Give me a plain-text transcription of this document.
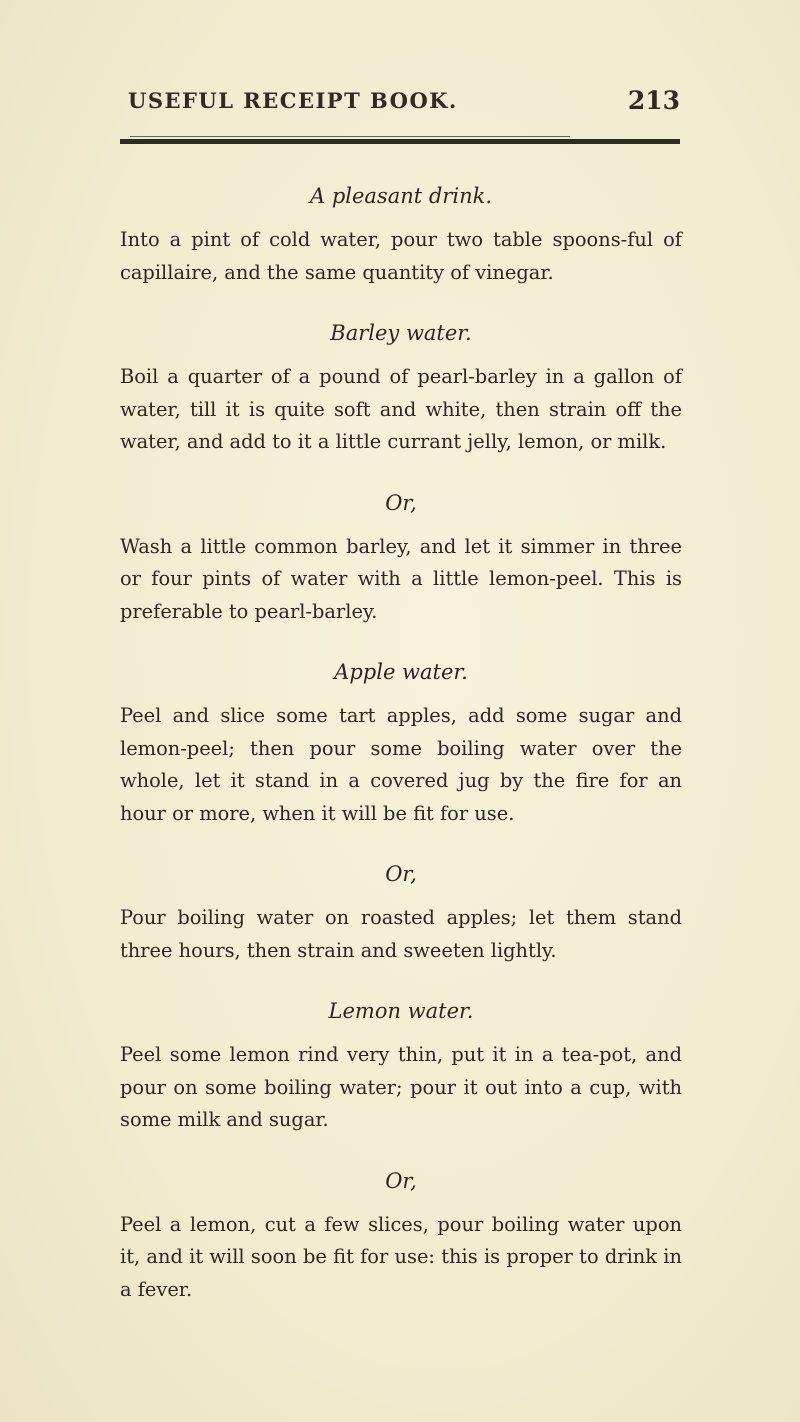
USEFUL RECEIPT BOOK.	213

A pleasant drink.

Into a pint of cold water, pour two table spoons-ful of capillaire, and the same quantity of vinegar.

Barley water.

Boil a quarter of a pound of pearl-barley in a gallon of water, till it is quite soft and white, then strain off the water, and add to it a little currant jelly, lemon, or milk.

Or,

Wash a little common barley, and let it simmer in three or four pints of water with a little lemon-peel. This is preferable to pearl-barley.

Apple water.

Peel and slice some tart apples, add some sugar and lemon-peel; then pour some boiling water over the whole, let it stand in a covered jug by the fire for an hour or more, when it will be fit for use.

Or,

Pour boiling water on roasted apples; let them stand three hours, then strain and sweeten lightly.

Lemon water.

Peel some lemon rind very thin, put it in a tea-pot, and pour on some boiling water; pour it out into a cup, with some milk and sugar.

Or,

Peel a lemon, cut a few slices, pour boiling water upon it, and it will soon be fit for use: this is proper to drink in a fever.
